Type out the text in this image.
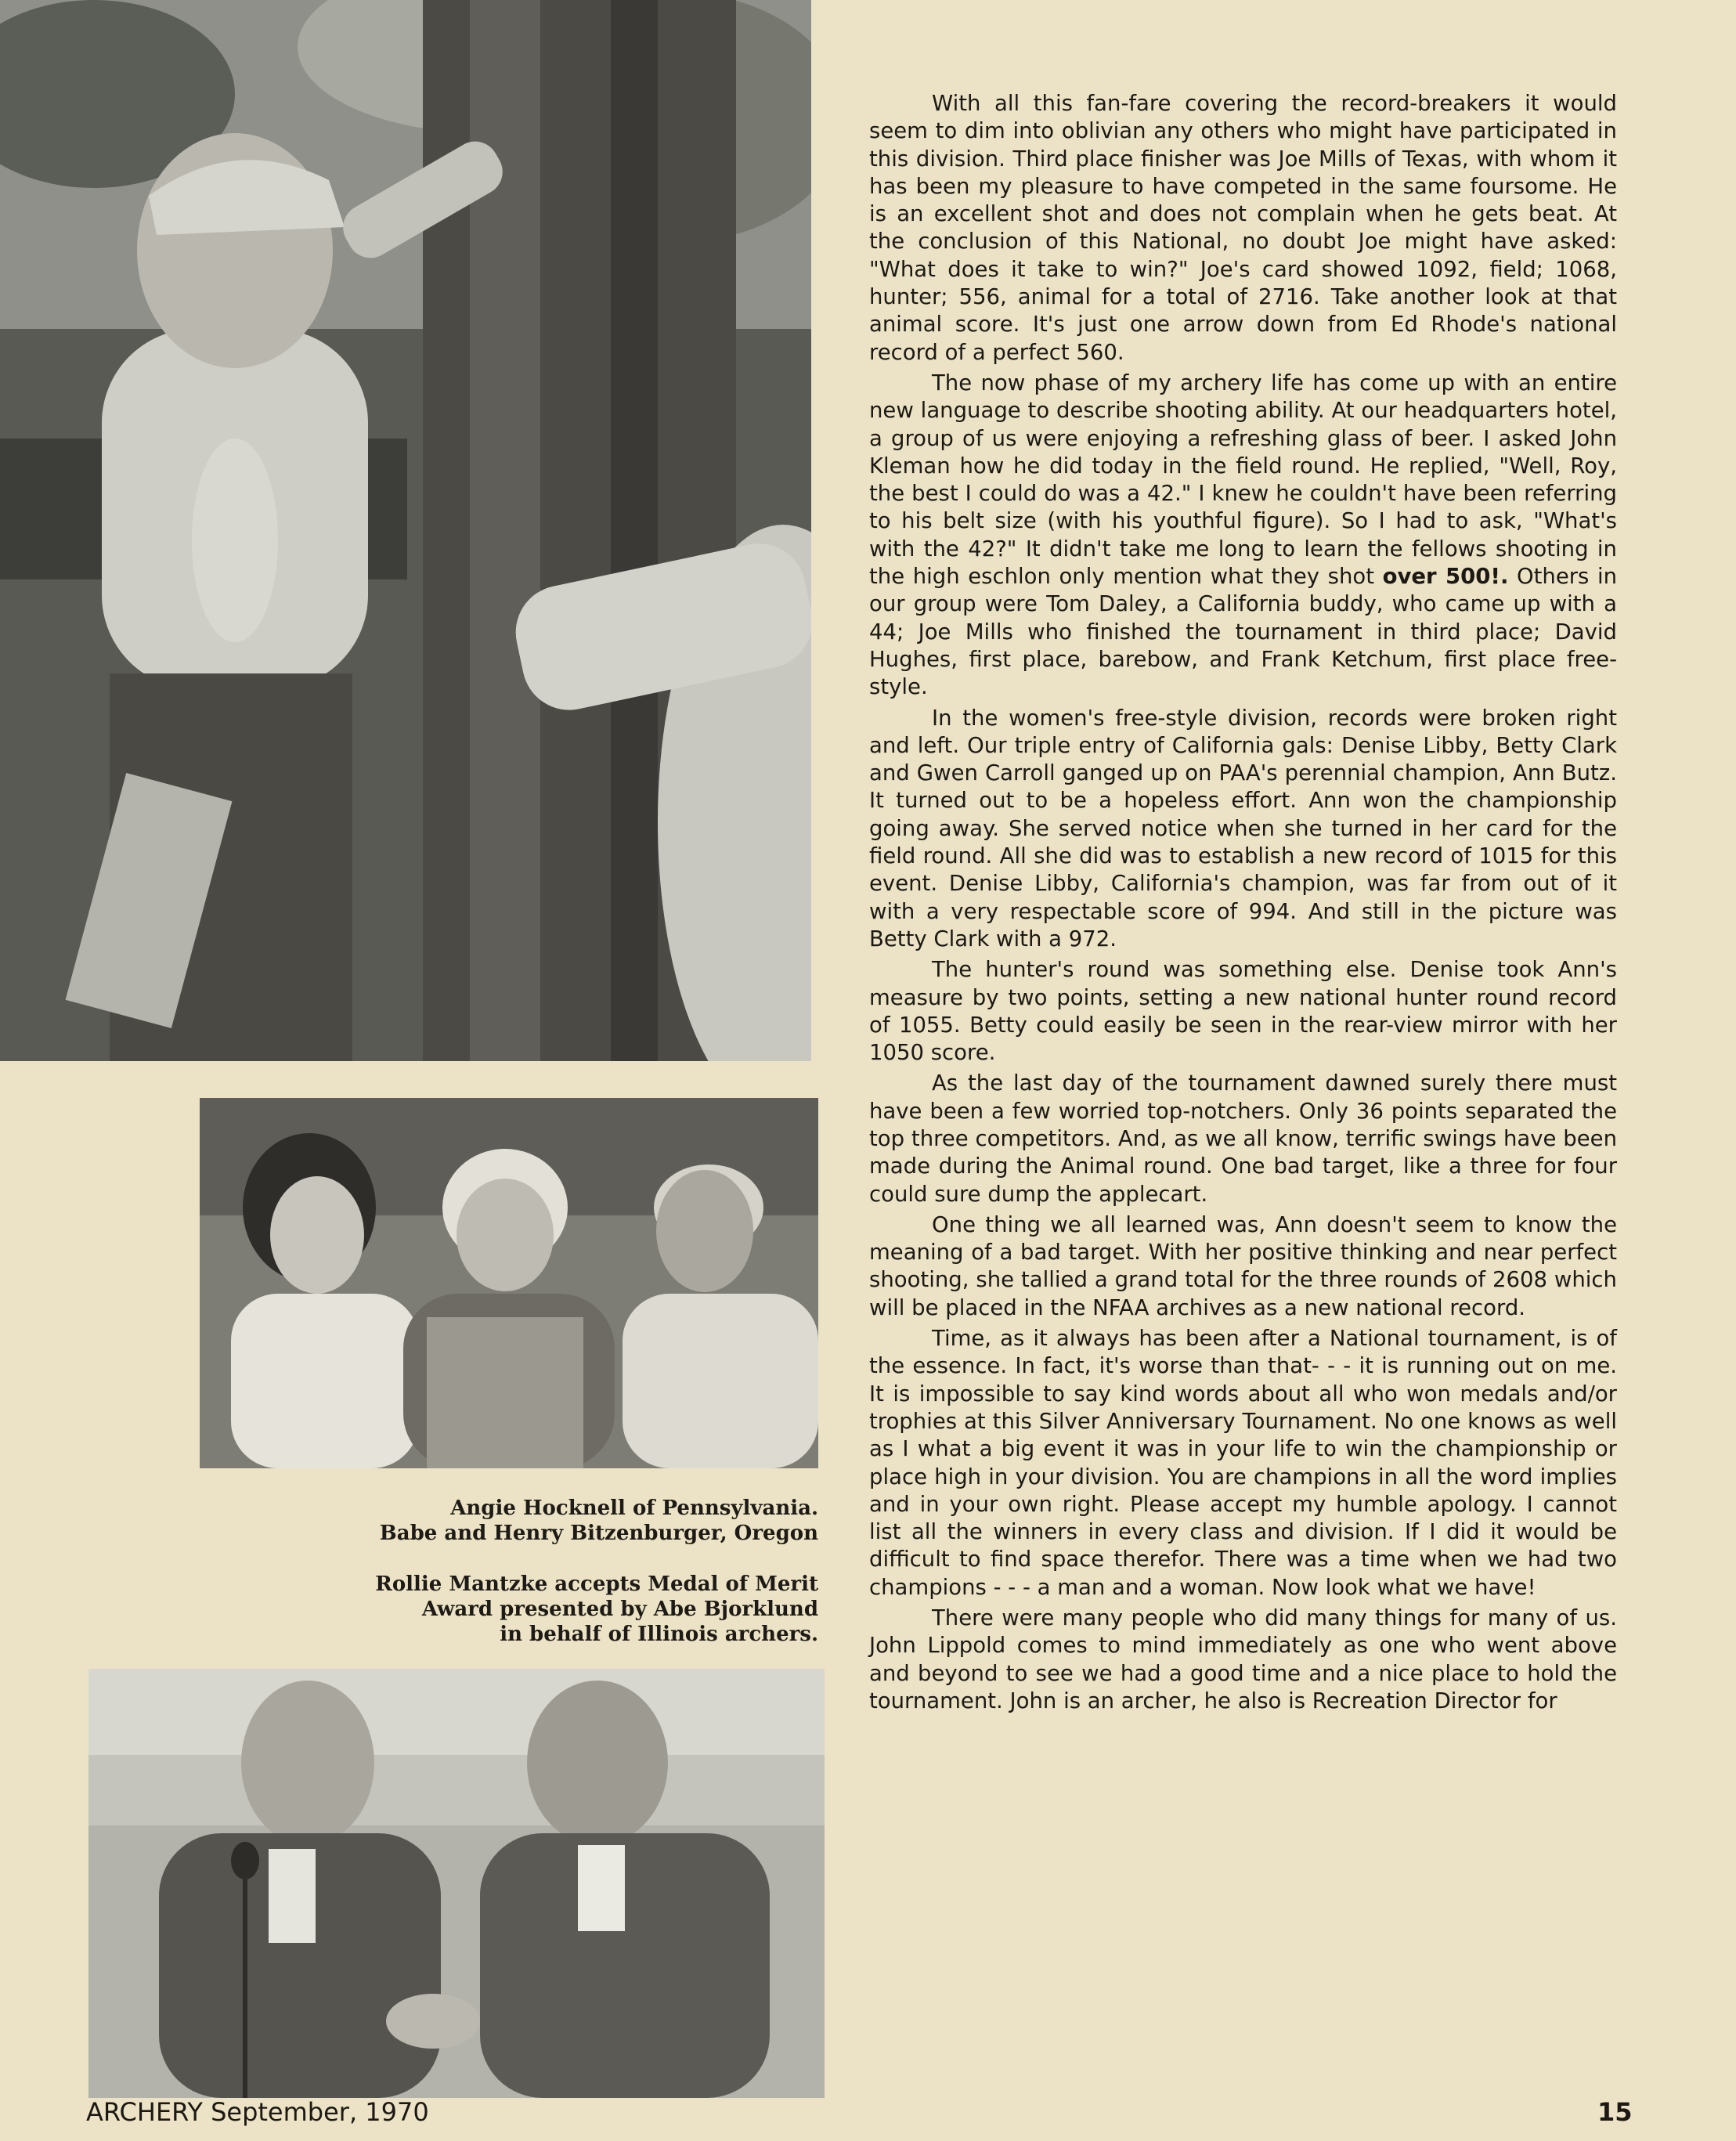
Angie Hocknell of Pennsylvania.
Babe and Henry Bitzenburger, Oregon
Rollie Mantzke accepts Medal of Merit
Award presented by Abe Bjorklund
in behalf of Illinois archers.

With all this fan-fare covering the record-breakers it would seem to dim into oblivian any others who might have participated in this division. Third place finisher was Joe Mills of Texas, with whom it has been my pleasure to have competed in the same foursome. He is an excellent shot and does not complain when he gets beat. At the conclusion of this National, no doubt Joe might have asked: "What does it take to win?" Joe's card showed 1092, field; 1068, hunter; 556, animal for a total of 2716. Take another look at that animal score. It's just one arrow down from Ed Rhode's national record of a perfect 560.

The now phase of my archery life has come up with an entire new language to describe shooting ability. At our headquarters hotel, a group of us were enjoying a refreshing glass of beer. I asked John Kleman how he did today in the field round. He replied, "Well, Roy, the best I could do was a 42." I knew he couldn't have been referring to his belt size (with his youthful figure). So I had to ask, "What's with the 42?" It didn't take me long to learn the fellows shooting in the high eschlon only mention what they shot over 500!. Others in our group were Tom Daley, a California buddy, who came up with a 44; Joe Mills who finished the tournament in third place; David Hughes, first place, barebow, and Frank Ketchum, first place free-style.

In the women's free-style division, records were broken right and left. Our triple entry of California gals: Denise Libby, Betty Clark and Gwen Carroll ganged up on PAA's perennial champion, Ann Butz. It turned out to be a hopeless effort. Ann won the championship going away. She served notice when she turned in her card for the field round. All she did was to establish a new record of 1015 for this event. Denise Libby, California's champion, was far from out of it with a very respectable score of 994. And still in the picture was Betty Clark with a 972.

The hunter's round was something else. Denise took Ann's measure by two points, setting a new national hunter round record of 1055. Betty could easily be seen in the rear-view mirror with her 1050 score.

As the last day of the tournament dawned surely there must have been a few worried top-notchers. Only 36 points separated the top three competitors. And, as we all know, terrific swings have been made during the Animal round. One bad target, like a three for four could sure dump the applecart.

One thing we all learned was, Ann doesn't seem to know the meaning of a bad target. With her positive thinking and near perfect shooting, she tallied a grand total for the three rounds of 2608 which will be placed in the NFAA archives as a new national record.

Time, as it always has been after a National tournament, is of the essence. In fact, it's worse than that- - - it is running out on me. It is impossible to say kind words about all who won medals and/or trophies at this Silver Anniversary Tournament. No one knows as well as I what a big event it was in your life to win the championship or place high in your division. You are champions in all the word implies and in your own right. Please accept my humble apology. I cannot list all the winners in every class and division. If I did it would be difficult to find space therefor. There was a time when we had two champions - - - a man and a woman. Now look what we have!

There were many people who did many things for many of us. John Lippold comes to mind immediately as one who went above and beyond to see we had a good time and a nice place to hold the tournament. John is an archer, he also is Recreation Director for

ARCHERY September, 1970	15
